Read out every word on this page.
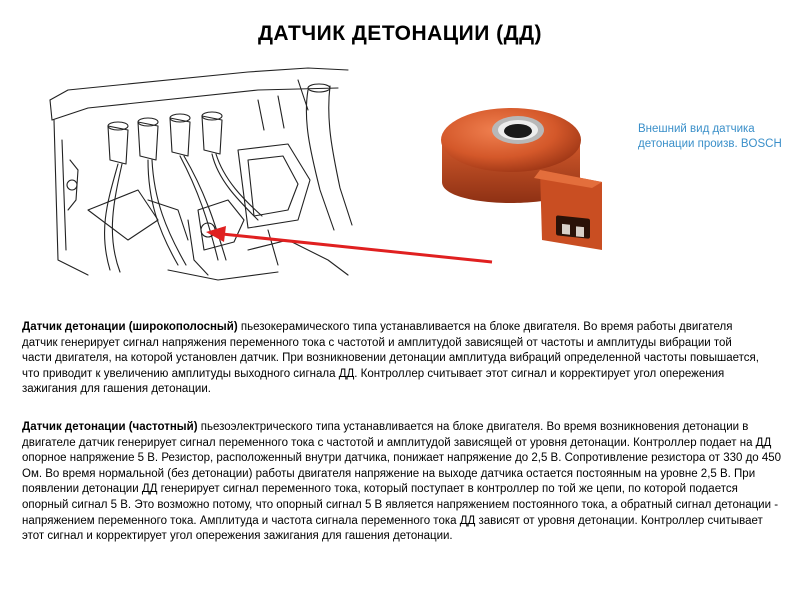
ДАТЧИК ДЕТОНАЦИИ (ДД)
Внешний вид датчика детонации произв. BOSCH

Датчик детонации (широкополосный) пьезокерамического типа устанавливается на блоке двигателя. Во время работы двигателя датчик генерирует сигнал напряжения переменного тока с частотой и амплитудой зависящей от частоты и амплитуды вибрации той части двигателя, на которой установлен датчик. При возникновении детонации амплитуда вибраций определенной частоты повышается, что приводит к увеличению амплитуды выходного сигнала ДД. Контроллер считывает этот сигнал и корректирует угол опережения зажигания для гашения детонации.

Датчик детонации (частотный) пьезоэлектрического типа устанавливается на блоке двигателя. Во время возникновения детонации в двигателе датчик генерирует сигнал переменного тока с частотой и амплитудой зависящей от уровня детонации. Контроллер подает на ДД опорное напряжение 5 В. Резистор, расположенный внутри датчика, понижает напряжение до 2,5 В. Сопротивление резистора от 330 до 450 Ом. Во время нормальной (без детонации) работы двигателя напряжение на выходе датчика остается постоянным на уровне 2,5 В. При появлении детонации ДД генерирует сигнал переменного тока, который поступает в контроллер по той же цепи, по которой подается опорный сигнал 5 В. Это возможно потому, что опорный сигнал 5 В является напряжением постоянного тока, а обратный сигнал детонации - напряжением переменного тока. Амплитуда и частота сигнала переменного тока ДД зависят от уровня детонации. Контроллер считывает этот сигнал и корректирует угол опережения зажигания для гашения детонации.
